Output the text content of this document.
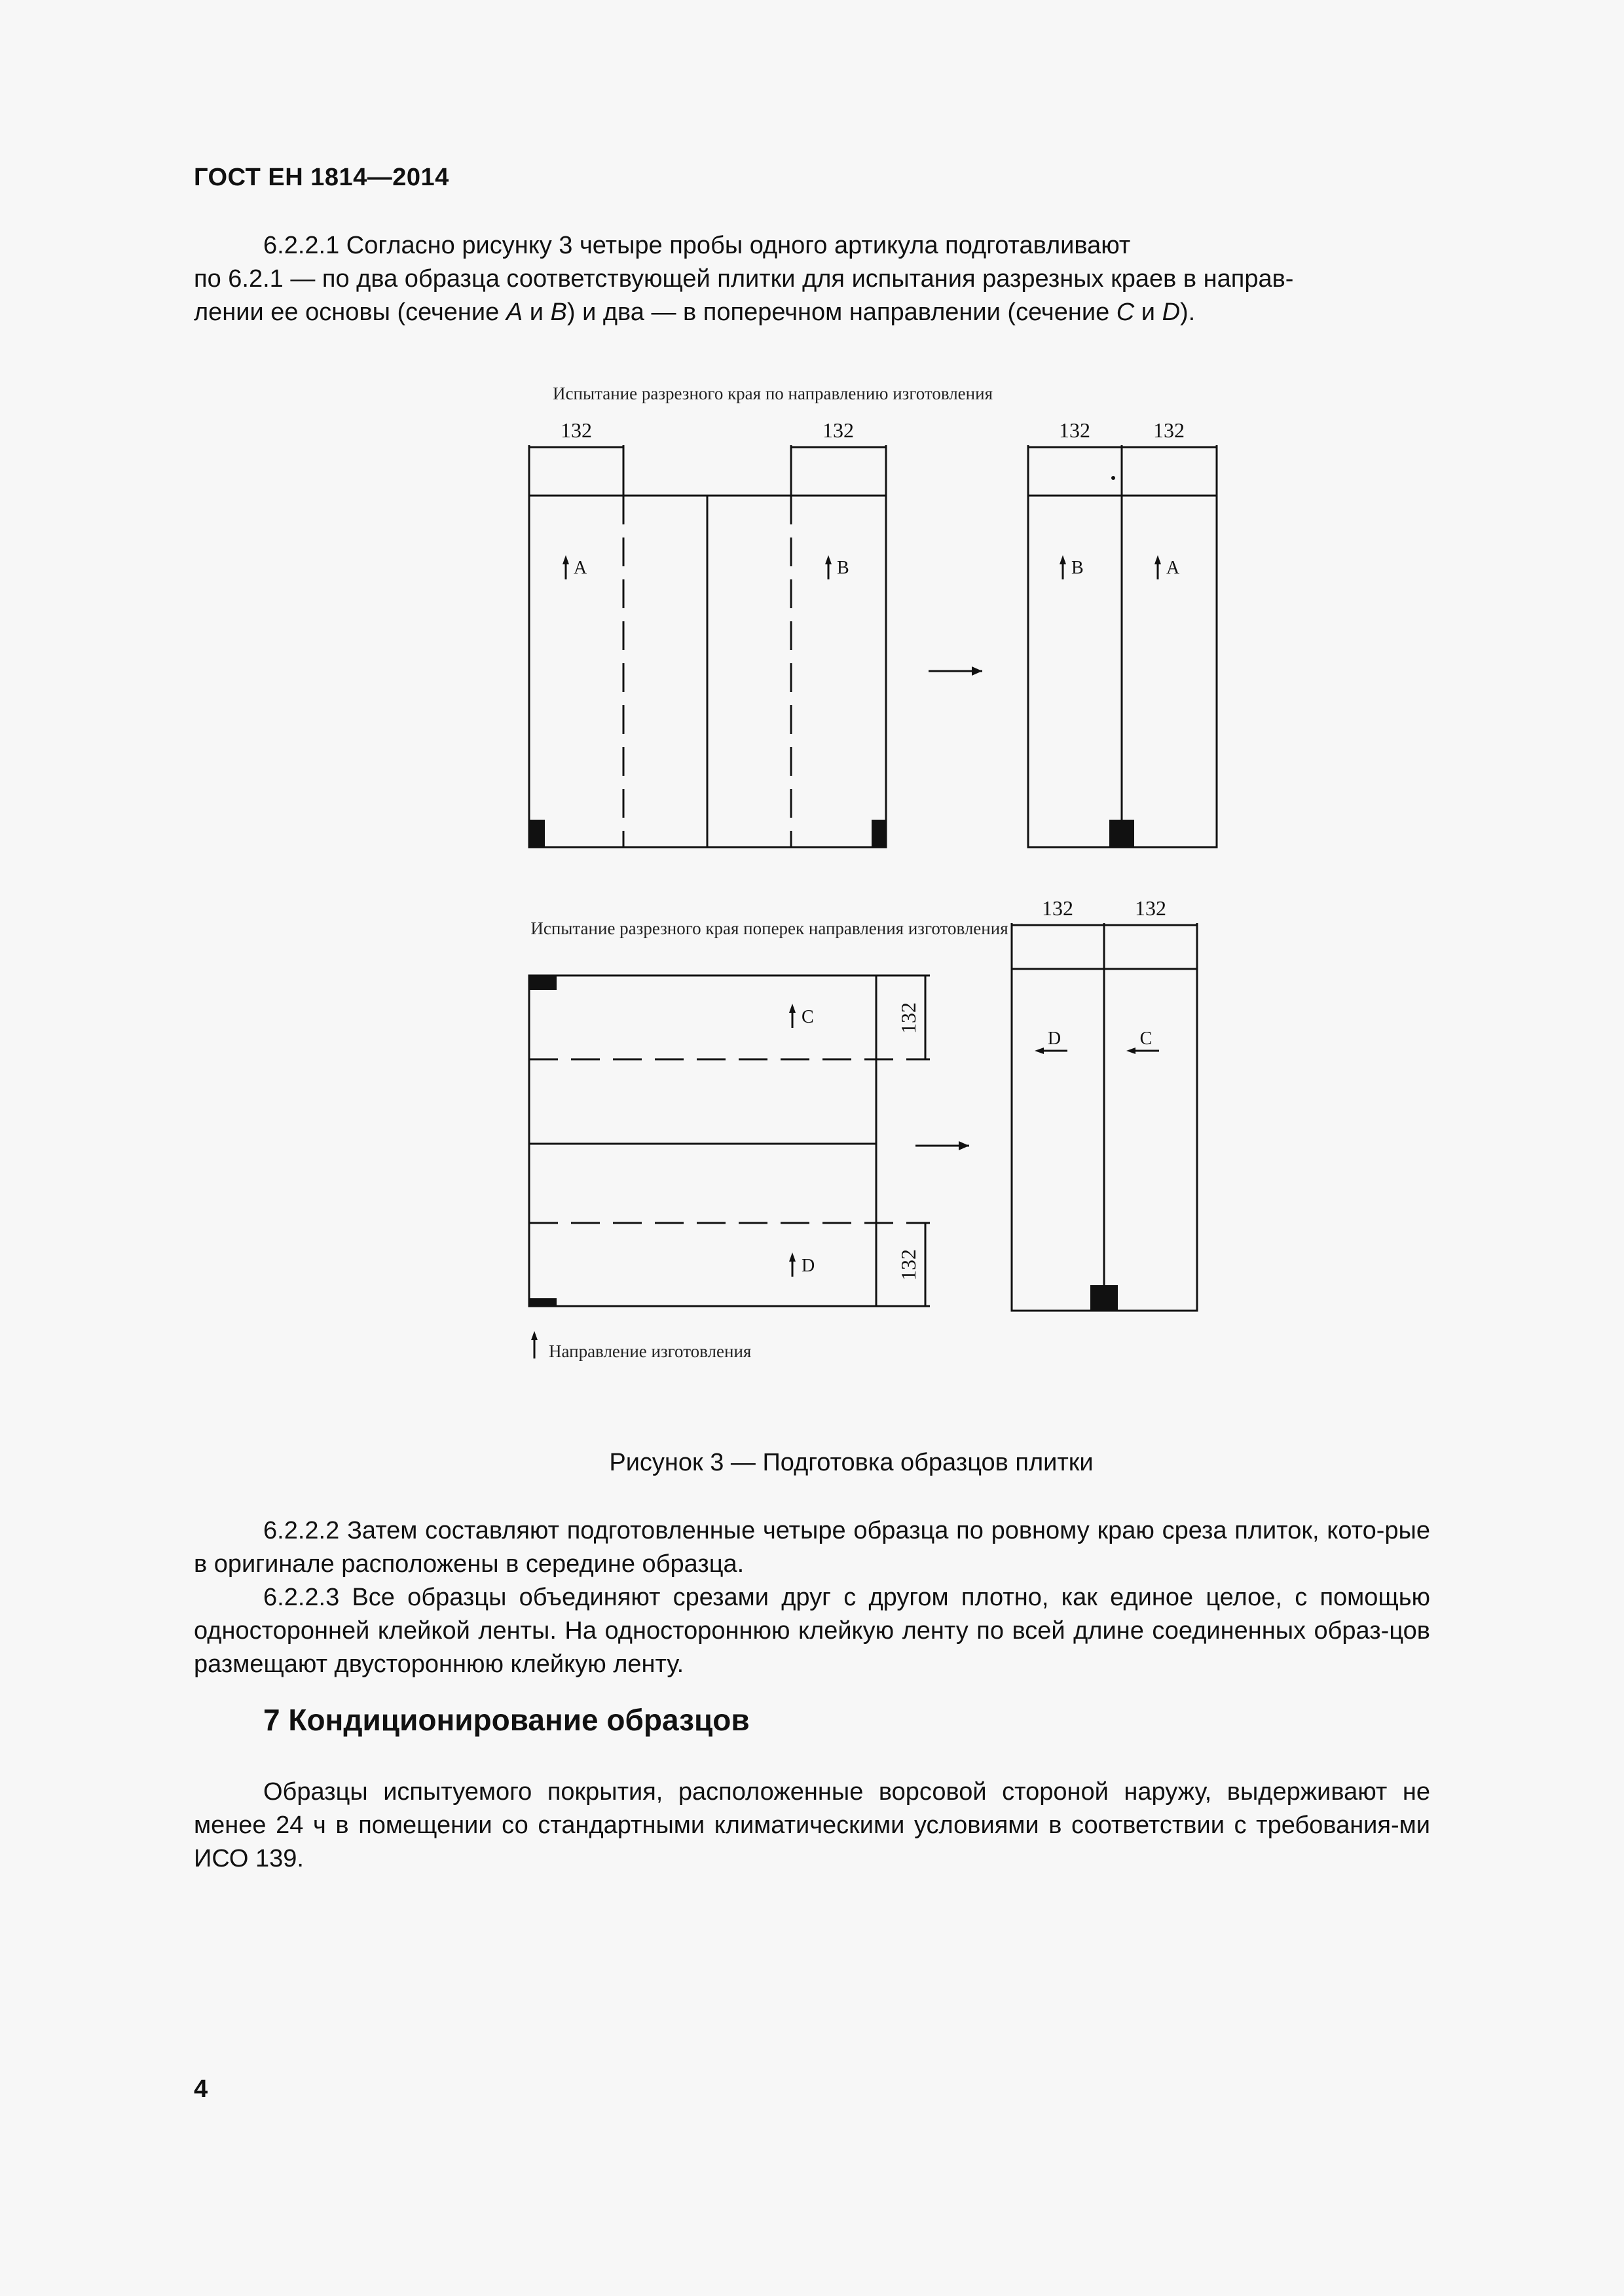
ГОСТ ЕН 1814—2014
6.2.2.1 Согласно рисунку 3 четыре пробы одного артикула подготавливают
по 6.2.1 — по два образца соответствующей плитки для испытания разрезных краев в направ-
лении ее основы (сечение A и B) и два — в поперечном направлении (сечение C и D).
Испытание разрезного края по направлению изготовления
Испытание разрезного края поперек направления изготовления
Направление изготовления
132	132	132	132
132	132
132
132
A	B	B	A
C
D
D	C
Рисунок 3 — Подготовка образцов плитки
6.2.2.2 Затем составляют подготовленные четыре образца по ровному краю среза плиток, кото-рые в оригинале расположены в середине образца.
6.2.2.3 Все образцы объединяют срезами друг с другом плотно, как единое целое, с помощью односторонней клейкой ленты. На одностороннюю клейкую ленту по всей длине соединенных образ-цов размещают двустороннюю клейкую ленту.
7 Кондиционирование образцов
Образцы испытуемого покрытия, расположенные ворсовой стороной наружу, выдерживают не менее 24 ч в помещении со стандартными климатическими условиями в соответствии с требования-ми ИСО 139.
4
